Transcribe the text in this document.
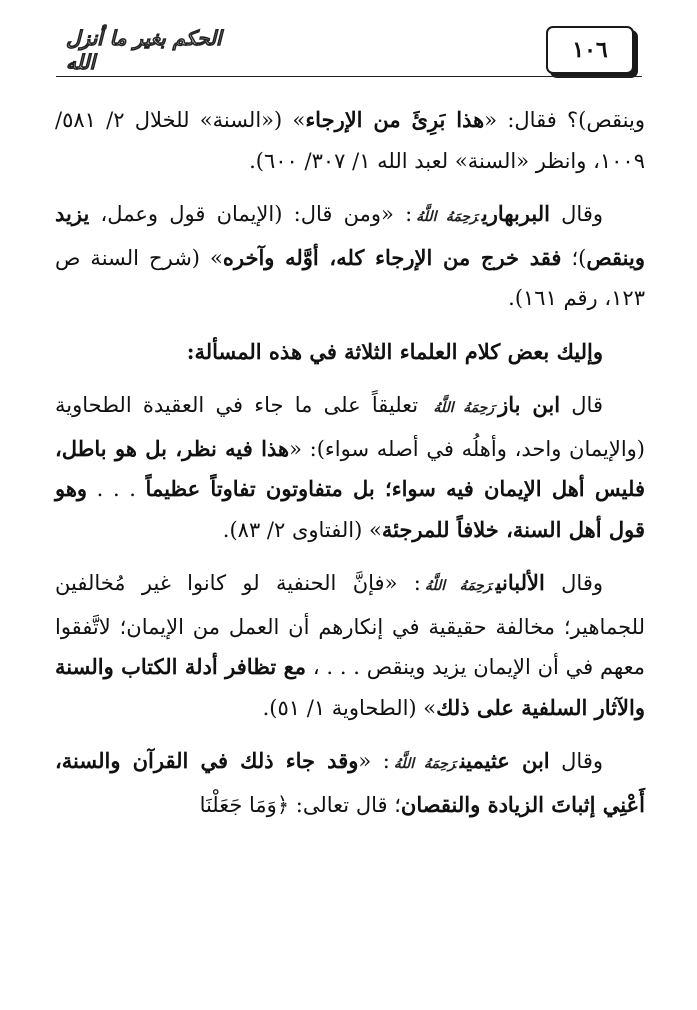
١٠٦
الحكم بغير ما أنزل الله

وينقص)؟ فقال: «هذا بَرِئَ من الإرجاء» («السنة» للخلال ٢/ ٥٨١/ ١٠٠٩، وانظر «السنة» لعبد الله ١/ ٣٠٧/ ٦٠٠).

وقال البربهاريرَحِمَهُ اللَّهُ: «ومن قال: (الإيمان قول وعمل، يزيد وينقص)؛ فقد خرج من الإرجاء كله، أوَّله وآخره» (شرح السنة ص ١٢٣، رقم ١٦١).

وإليك بعض كلام العلماء الثلاثة في هذه المسألة:

قال ابن بازرَحِمَهُ اللَّهُ تعليقاً على ما جاء في العقيدة الطحاوية (والإيمان واحد، وأهلُه في أصله سواء): «هذا فيه نظر، بل هو باطل، فليس أهل الإيمان فيه سواء؛ بل متفاوتون تفاوتاً عظيماً . . . وهو قول أهل السنة، خلافاً للمرجئة» (الفتاوى ٢/ ٨٣).

وقال الألبانيرَحِمَهُ اللَّهُ: «فإنَّ الحنفية لو كانوا غير مُخالفين للجماهير؛ مخالفة حقيقية في إنكارهم أن العمل من الإيمان؛ لاتَّفقوا معهم في أن الإيمان يزيد وينقص . . . ، مع تظافر أدلة الكتاب والسنة والآثار السلفية على ذلك» (الطحاوية ١/ ٥١).

وقال ابن عثيمينرَحِمَهُ اللَّهُ: «وقد جاء ذلك في القرآن والسنة، أَعْنِي إثباتَ الزيادة والنقصان؛ قال تعالى: ﴿وَمَا جَعَلْنَا
